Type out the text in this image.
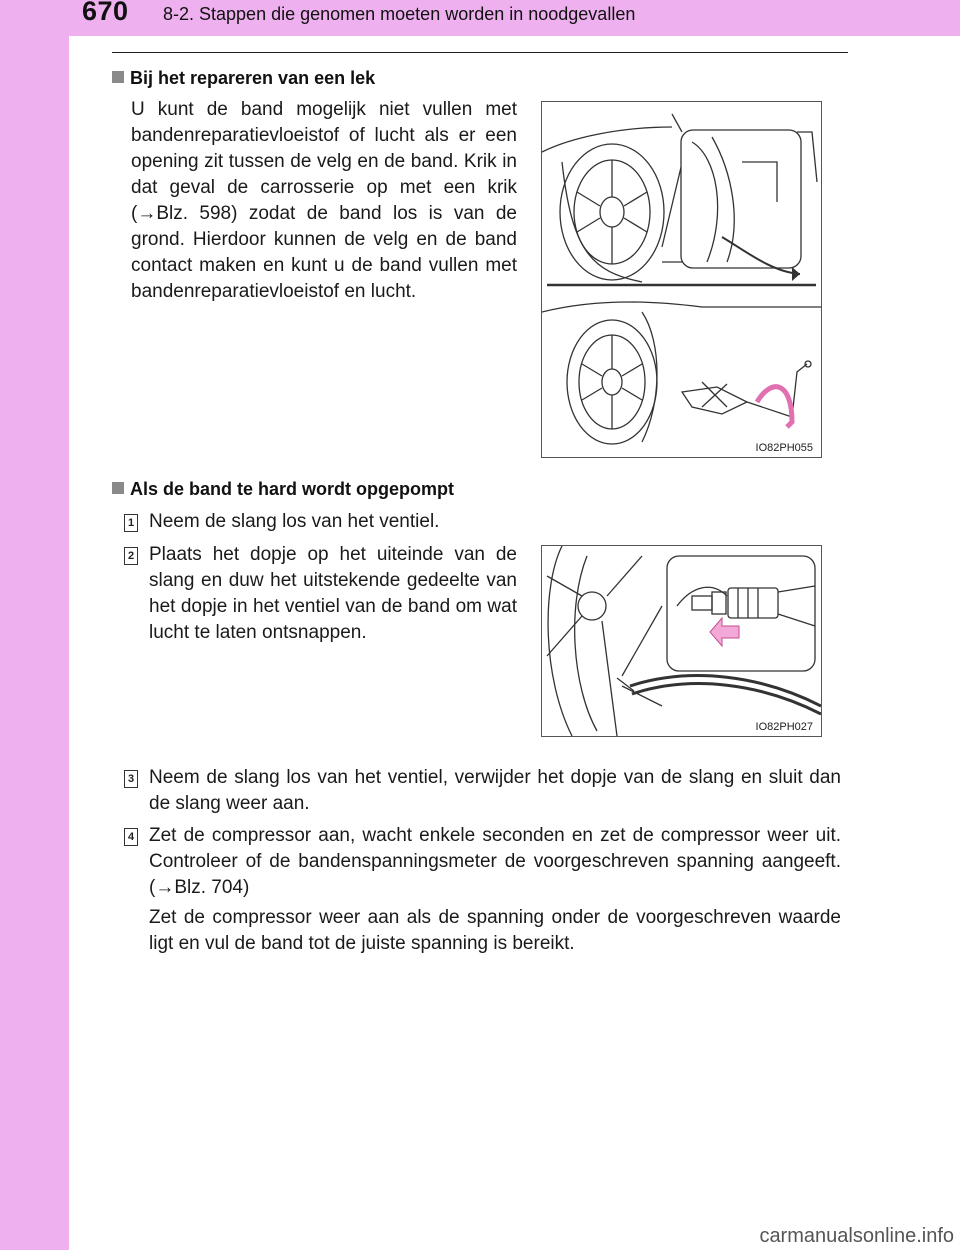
670 8-2. Stappen die genomen moeten worden in noodgevallen
Bij het repareren van een lek
U kunt de band mogelijk niet vullen met bandenreparatievloeistof of lucht als er een opening zit tussen de velg en de band. Krik in dat geval de carrosserie op met een krik (→Blz. 598) zodat de band los is van de grond. Hierdoor kunnen de velg en de band contact maken en kunt u de band vullen met bandenreparatievloeistof en lucht.
IO82PH055
Als de band te hard wordt opgepompt
1 Neem de slang los van het ventiel.
2 Plaats het dopje op het uiteinde van de slang en duw het uitstekende gedeelte van het dopje in het ventiel van de band om wat lucht te laten ontsnappen.
IO82PH027
3 Neem de slang los van het ventiel, verwijder het dopje van de slang en sluit dan de slang weer aan.
4 Zet de compressor aan, wacht enkele seconden en zet de compressor weer uit. Controleer of de bandenspanningsmeter de voorgeschreven spanning aangeeft. (→Blz. 704)
Zet de compressor weer aan als de spanning onder de voorgeschreven waarde ligt en vul de band tot de juiste spanning is bereikt.
carmanualsonline.info
